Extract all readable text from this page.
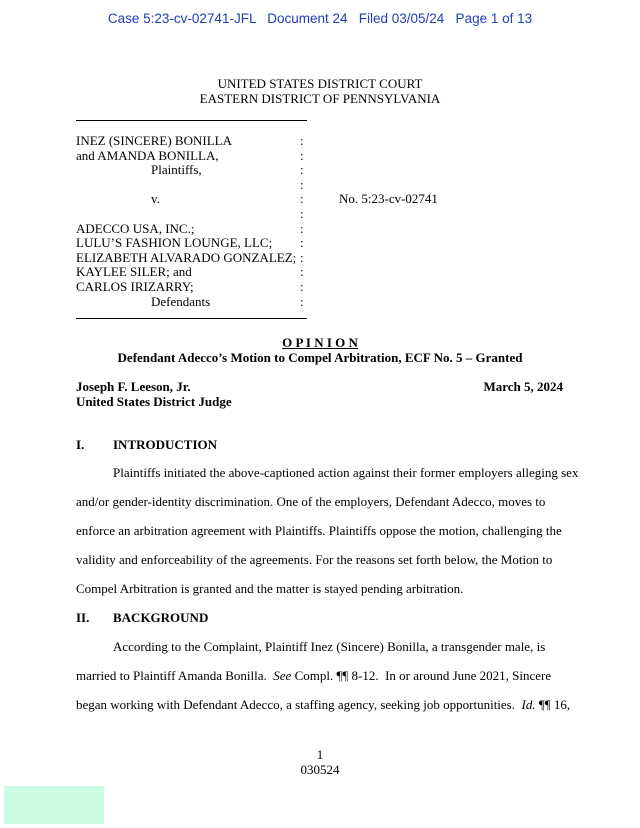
Case 5:23-cv-02741-JFL   Document 24   Filed 03/05/24   Page 1 of 13
UNITED STATES DISTRICT COURT
EASTERN DISTRICT OF PENNSYLVANIA
INEZ (SINCERE) BONILLA
and AMANDA BONILLA,
Plaintiffs,
v.
ADECCO USA, INC.;
LULU’S FASHION LOUNGE, LLC;
ELIZABETH ALVARADO GONZALEZ;
KAYLEE SILER; and
CARLOS IRIZARRY;
Defendants
:
:
:
:
:
:
:
:
:
:
:
:
No. 5:23-cv-02741
O P I N I O N
Defendant Adecco’s Motion to Compel Arbitration, ECF No. 5 – Granted
Joseph F. Leeson, Jr.
United States District Judge
March 5, 2024
I. INTRODUCTION
Plaintiffs initiated the above-captioned action against their former employers alleging sex
and/or gender-identity discrimination. One of the employers, Defendant Adecco, moves to
enforce an arbitration agreement with Plaintiffs. Plaintiffs oppose the motion, challenging the
validity and enforceability of the agreements. For the reasons set forth below, the Motion to
Compel Arbitration is granted and the matter is stayed pending arbitration.
II. BACKGROUND
According to the Complaint, Plaintiff Inez (Sincere) Bonilla, a transgender male, is
married to Plaintiff Amanda Bonilla.  See Compl. ¶¶ 8-12.  In or around June 2021, Sincere
began working with Defendant Adecco, a staffing agency, seeking job opportunities.  Id. ¶¶ 16,
1
030524
